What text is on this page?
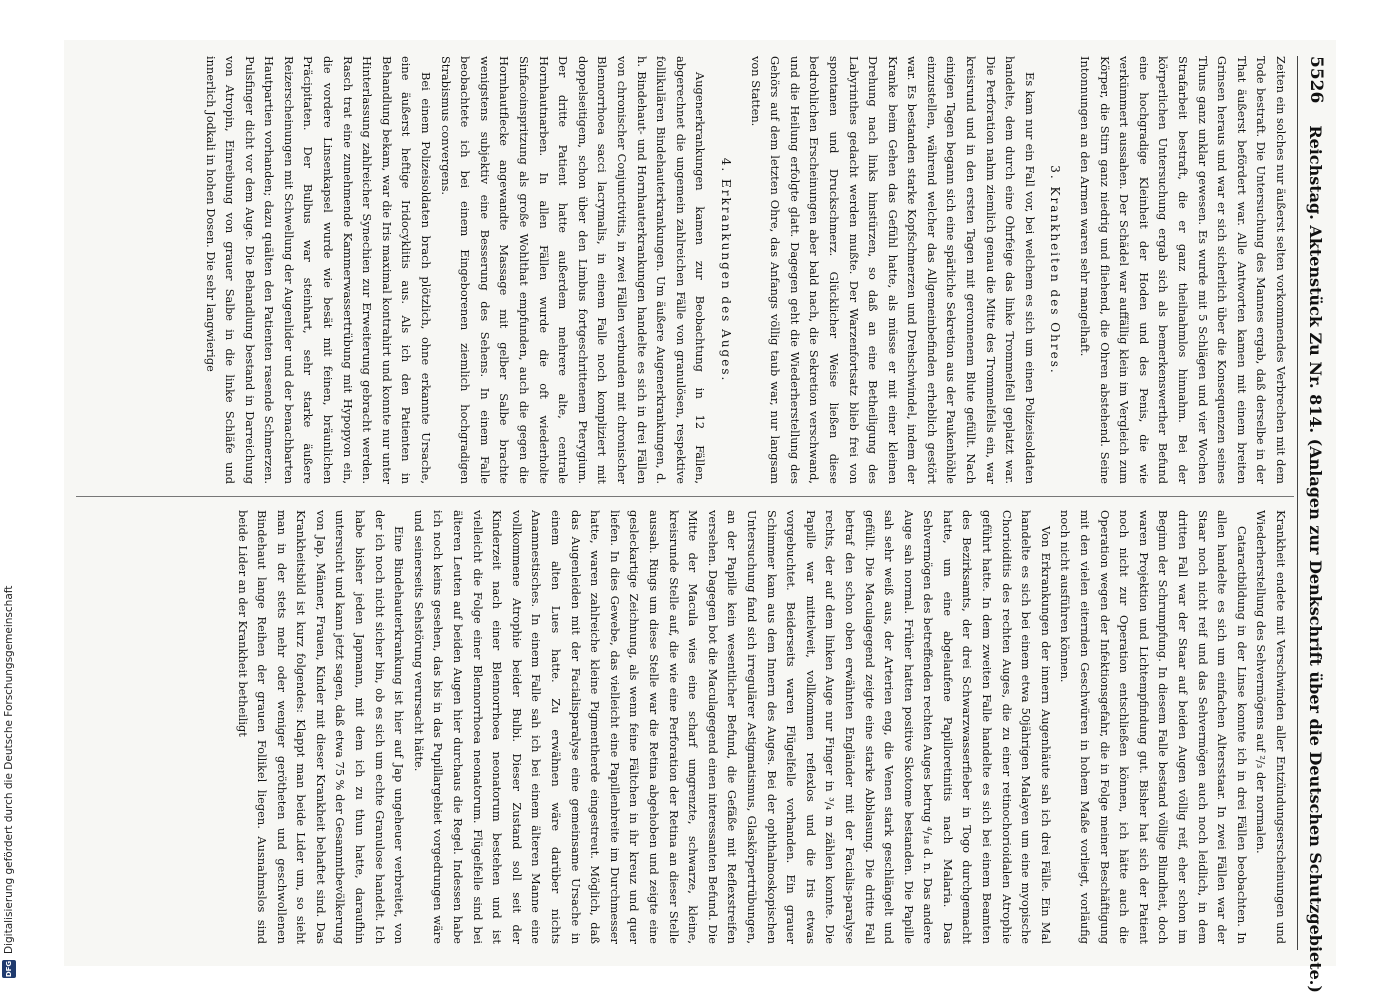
5526
Reichstag. Aktenstück Zu Nr. 814. (Anlagen zur Denkschrift über die Deutschen Schutzgebiete.)

Zeiten ein solches nur äußerst selten vorkommendes Verbrechen mit dem Tode bestraft. Die Untersuchung des Mannes ergab, daß derselbe in der That äußerst befördert war. Alle Antworten kamen mit einem breiten Grinsen heraus und war er sich sicherlich über die Konsequenzen seines Thuns ganz unklar gewesen. Es wurde mit 5 Schlägen und vier Wochen Strafarbeit bestraft, die er ganz theilnahmlos hinnahm. Bei der körperlichen Untersuchung ergab sich als bemerkenswerther Befund eine hochgradige Kleinheit der Hoden und des Penis, die wie verkümmert aussahen. Der Schädel war auffällig klein im Vergleich zum Körper, die Stirn ganz niedrig und fliehend, die Ohren abstehend. Seine Intonnungen an den Armen waren sehr mangelhaft.

3. Krankheiten des Ohres.

Es kam nur ein Fall vor, bei welchem es sich um einen Polizeisoldaten handelte, dem durch eine Ohrfeige das linke Trommelfell geplatzt war. Die Perforation nahm ziemlich genau die Mitte des Trommelfells ein, war kreisrund und in den ersten Tagen mit geronnenem Blute gefüllt. Nach einigen Tagen begann sich eine spärliche Sekretion aus der Paukenhöhle einzustellen, während welcher das Allgemeinbefinden erheblich gestört war. Es bestanden starke Kopfschmerzen und Drehschwindel, indem der Kranke beim Gehen das Gefühl hatte, als müsse er mit einer kleinen Drehung nach links hinstürzen, so daß an eine Betheiligung des Labyrinthes gedacht werden mußte. Der Warzenfortsatz blieb frei von spontanen und Druckschmerz. Glücklicher Weise ließen diese bedrohlichen Erscheinungen aber bald nach, die Sekretion verschwand, und die Heilung erfolgte glatt. Dagegen geht die Wiederherstellung des Gehörs auf dem letzten Ohre, das Anfangs völlig taub war, nur langsam von Statten.

4. Erkrankungen des Auges.

Augenerkrankungen kamen zur Beobachtung in 12 Fällen, abgerechnet die ungemein zahlreichen Fälle von granulösen, respektive follikulären Bindehauterkrankungen. Um äußere Augenerkrankungen, d. h. Bindehaut- und Hornhauterkrankungen handelte es sich in drei Fällen von chronischer Conjunctivitis, in zwei Fällen verbunden mit chronischer Blennorrhoea sacci lacrymalis, in einem Falle noch kompliziert mit doppelseitigem, schon über den Limbus fortgeschrittenem Pterygium. Der dritte Patient hatte außerdem mehrere alte, centrale Hornhautnarben. In allen Fällen wurde die oft wiederholte Sinfacoinspritzung als große Wohlthat empfunden, auch die gegen die Hornhautflecke angewandte Massage mit gelber Salbe brachte wenigstens subjektiv eine Besserung des Sehens. In einem Falle beobachtete ich bei einem Eingeborenen ziemlich hochgradigen Strabismus convergens.

Bei einem Polizeisoldaten brach plötzlich, ohne erkannte Ursache, eine äußerst heftige Iridocyklitis aus. Als ich den Patienten in Behandlung bekam, war die Iris maximal kontrahirt und konnte nur unter Hinterlassung zahlreicher Synechien zur Erweiterung gebracht werden. Rasch trat eine zunehmende Kammerwassertrübung mit Hypopyon ein, die vordere Linsenkapsel wurde wie besät mit feinen, bräunlichen Präcipitaten. Der Bulbus war steinhart, sehr starke äußere Reizerscheinungen mit Schwellung der Augenlider und der benachbarten Hautpartien vorhanden; dazu quälten den Patienten rasende Schmerzen. Pulsfinger dicht vor dem Auge. Die Behandlung bestand in Darreichung von Atropin, Einreibung von grauer Salbe in die linke Schläfe und innerlich Jodkali in hohen Dosen. Die sehr langwierige

Krankheit endete mit Verschwinden aller Entzündungserscheinungen und Wiederherstellung des Sehvermögens auf ²/₃ der normalen.

Cataractbildung in der Linse konnte ich in drei Fällen beobachten. In allen handelte es sich um einfachen Altersstaar. In zwei Fällen war der Staar noch nicht reif und das Sehvermögen auch noch leidlich, in dem dritten Fall war der Staar auf beiden Augen völlig reif, eher schon im Beginn der Schrumpfung. In diesem Falle bestand völlige Blindheit, doch waren Projektion und Lichtempfindung gut. Bisher hat sich der Patient noch nicht zur Operation entschließen können, ich hätte auch die Operation wegen der Infektionsgefahr, die in Folge meiner Beschäftigung mit den vielen eiternden Geschwüren in hohem Maße vorliegt, vorläufig noch nicht ausführen können.

Von Erkrankungen der innern Augenhäute sah ich drei Fälle. Ein Mal handelte es sich bei einem etwa 50jährigen Malayen um eine myopische Chorioiditis des rechten Auges, die zu einer retinochorioidalen Atrophie geführt hatte. In dem zweiten Falle handelte es sich bei einem Beamten des Bezirksamts, der drei Schwarzwasserfieber in Togo durchgemacht hatte, um eine abgelaufene Papilloretinitis nach Malaria. Das Sehvermögen des betreffenden rechten Auges betrug ⁴/₁₈ d. n. Das andere Auge sah normal. Früher hatten positive Skotome bestanden. Die Papille sah sehr weiß aus, der Arterien eng, die Venen stark geschlängelt und gefüllt. Die Maculagegend zeigte eine starke Abblasung. Die dritte Fall betraf den schon oben erwähnten Engländer mit der Facialis-paralyse rechts, der auf dem linken Auge nur Finger in ³/₄ m zählen konnte. Die Papille war mittelweit, vollkommen reflexlos und die Iris etwas vorgebuchtet. Beiderseits waren Flügelfelle vorhanden. Ein grauer Schimmer kam aus dem Innern des Auges. Bei der ophthalmoskopischen Untersuchung fand sich irregulärer Astigmatismus, Glaskörpertrübungen, an der Papille kein wesentlicher Befund, die Gefäße mit Reflexstreifen versehen. Dagegen bot die Maculagegend einen interessanten Befund. Die Mitte der Macula wies eine scharf umgrenzte, schwarze, kleine, kreisrunde Stelle auf, die wie eine Perforation der Retina an dieser Stelle aussah. Rings um diese Stelle war die Retina abgehoben und zeigte eine gesleckartige Zeichnung, als wenn feine Fältchen in ihr kreuz und quer liefen. In dies Gewebe, das vielleicht eine Papillenbreite im Durchmesser hatte, waren zahlreiche kleine Pigmentherde eingestreut. Möglich, daß das Augenleiden mit der Facialisparalyse eine gemeinsame Ursache in einem alten Lues hatte. Zu erwähnen wäre darüber nichts Anamnestisches. In einem Falle sah ich bei einem älteren Manne eine vollkommene Atrophie beider Bulbi. Dieser Zustand soll seit der Kinderzeit nach einer Blennorrhoea neonatorum bestehen und ist vielleicht die Folge einer Blennorrhoea neonatorum. Flügelfelle sind bei älteren Leuten auf beiden Augen hier durchaus die Regel. Indessen habe ich noch keins gesehen, das bis in das Pupillargebiet vorgedrungen wäre und seinerseits Sehstörung verursacht hätte.

Eine Bindehauterkrankung ist hier auf Jap ungeheuer verbreitet, von der ich noch nicht sicher bin, ob es sich um echte Granulose handelt. Ich habe bisher jeden Japmann, mit dem ich zu thun hatte, daraufhin untersucht und kann jetzt sagen, daß etwa 75 % der Gesammtbevölkerung von Jap, Männer, Frauen, Kinder mit dieser Krankheit behaftet sind. Das Krankheitsbild ist kurz folgendes: Klappt man beide Lider um, so sieht man in der stets mehr oder weniger gerötheten und geschwollenen Bindehaut lange Reihen der grauen Follikel liegen. Ausnahmslos sind beide Lider an der Krankheit betheiligt

DFG
Digitalisierung gefördert durch die Deutsche Forschungsgemeinschaft
